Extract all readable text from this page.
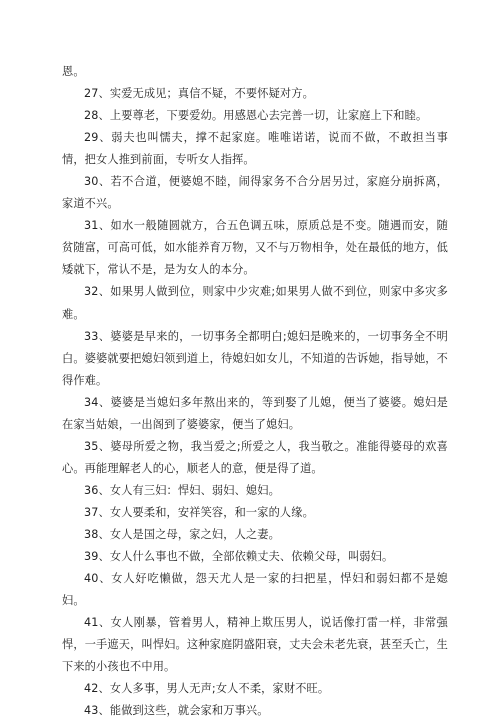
恩。

27、实爱无成见；真信不疑，不要怀疑对方。

28、上要尊老，下要爱幼。用感恩心去完善一切，让家庭上下和睦。

29、弱夫也叫懦夫，撑不起家庭。唯唯诺诺，说而不做，不敢担当事情，把女人推到前面，专听女人指挥。

30、若不合道，便婆媳不睦，闹得家务不合分居另过，家庭分崩拆离，家道不兴。

31、如水一般随圆就方，合五色调五味，原质总是不变。随遇而安，随贫随富，可高可低，如水能养育万物，又不与万物相争，处在最低的地方，低矮就下，常认不是，是为女人的本分。

32、如果男人做到位，则家中少灾难;如果男人做不到位，则家中多灾多难。

33、婆婆是早来的，一切事务全都明白;媳妇是晚来的，一切事务全不明白。婆婆就要把媳妇领到道上，待媳妇如女儿，不知道的告诉她，指导她，不得作难。

34、婆婆是当媳妇多年熬出来的，等到娶了儿媳，便当了婆婆。媳妇是在家当姑娘，一出阁到了婆婆家，便当了媳妇。

35、婆母所爱之物，我当爱之;所爱之人，我当敬之。准能得婆母的欢喜心。再能理解老人的心，顺老人的意，便是得了道。

36、女人有三妇：悍妇、弱妇、媳妇。

37、女人要柔和，安祥笑容，和一家的人缘。

38、女人是国之母，家之妇，人之妻。

39、女人什么事也不做，全部依赖丈夫、依赖父母，叫弱妇。

40、女人好吃懒做，怨天尤人是一家的扫把星，悍妇和弱妇都不是媳妇。

41、女人刚暴，管着男人，精神上欺压男人，说话像打雷一样，非常强悍，一手遮天，叫悍妇。这种家庭阴盛阳衰，丈夫会未老先衰，甚至夭亡，生下来的小孩也不中用。

42、女人多事，男人无声;女人不柔，家财不旺。

43、能做到这些，就会家和万事兴。
